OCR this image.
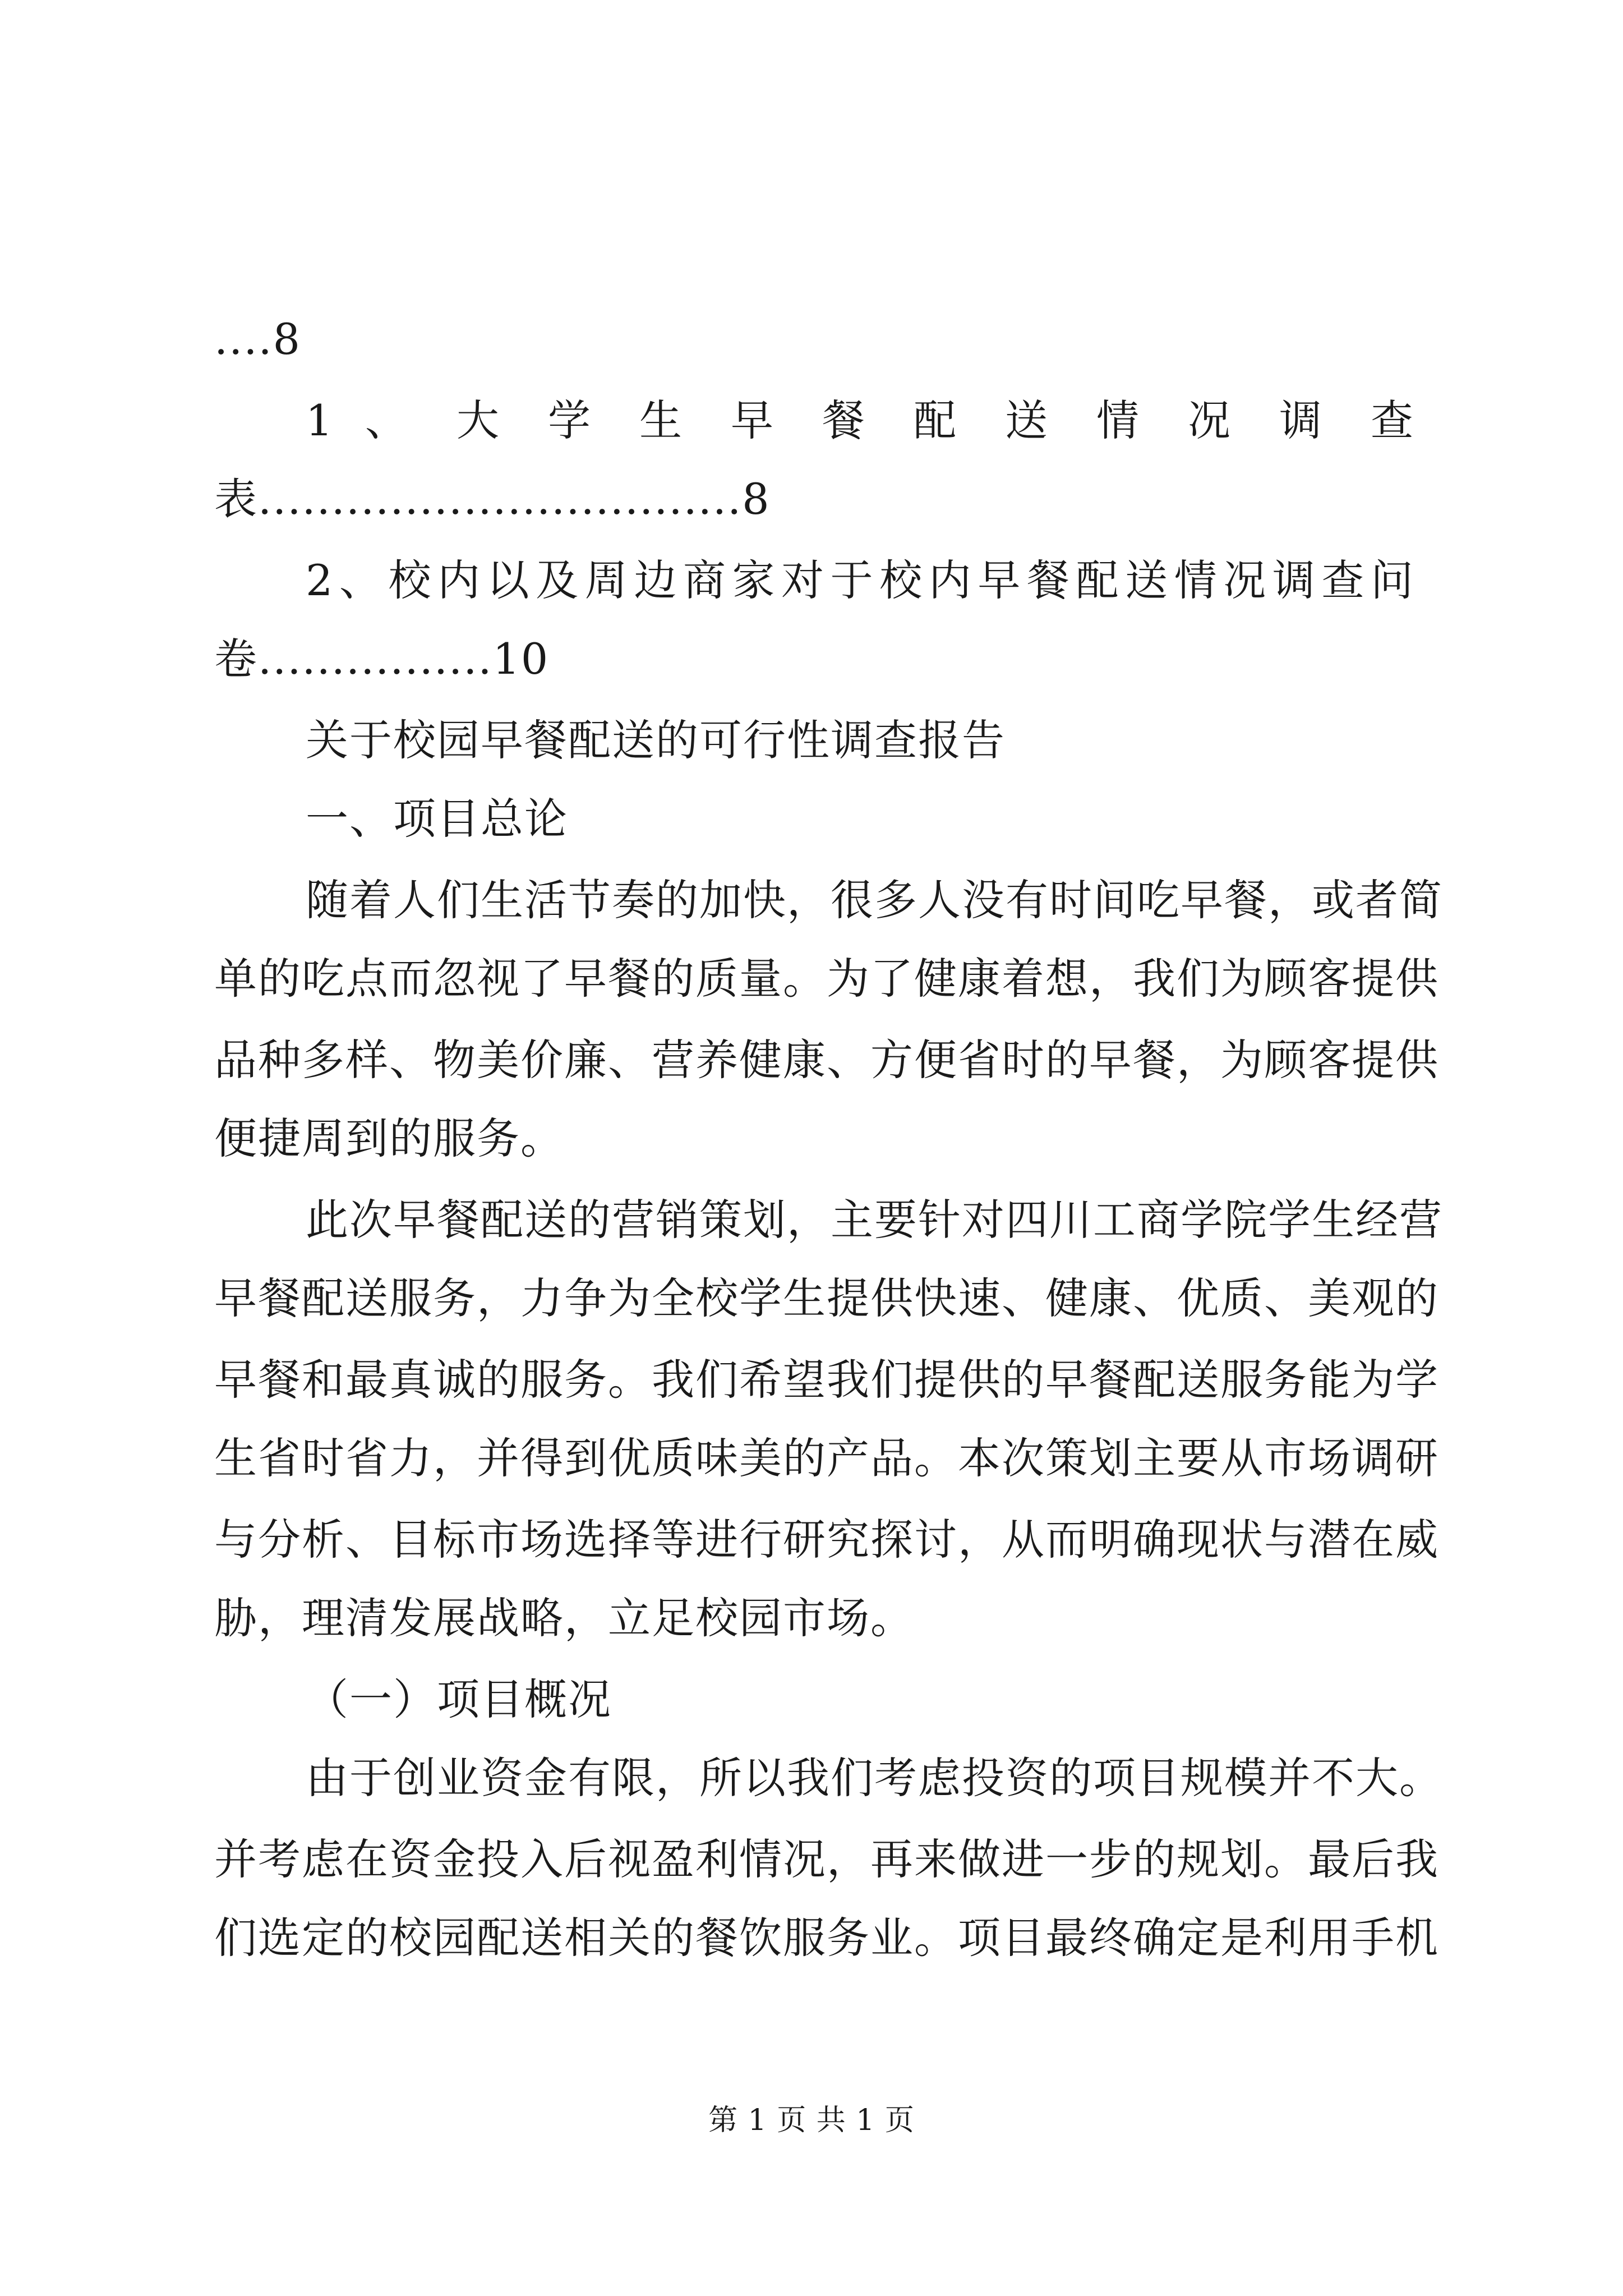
....8
1 、 大 学 生 早 餐 配 送 情 况 调 查
表.................................8
2、校内以及周边商家对于校内早餐配送情况调查问
卷................10
关于校园早餐配送的可行性调查报告
一、项目总论
随着人们生活节奏的加快，很多人没有时间吃早餐，或者简
单的吃点而忽视了早餐的质量。为了健康着想，我们为顾客提供
品种多样、物美价廉、营养健康、方便省时的早餐，为顾客提供
便捷周到的服务。
此次早餐配送的营销策划，主要针对四川工商学院学生经营
早餐配送服务，力争为全校学生提供快速、健康、优质、美观的
早餐和最真诚的服务。我们希望我们提供的早餐配送服务能为学
生省时省力，并得到优质味美的产品。本次策划主要从市场调研
与分析、目标市场选择等进行研究探讨，从而明确现状与潜在威
胁，理清发展战略，立足校园市场。
（一）项目概况
由于创业资金有限，所以我们考虑投资的项目规模并不大。
并考虑在资金投入后视盈利情况，再来做进一步的规划。最后我
们选定的校园配送相关的餐饮服务业。项目最终确定是利用手机
第 1 页 共 1 页
